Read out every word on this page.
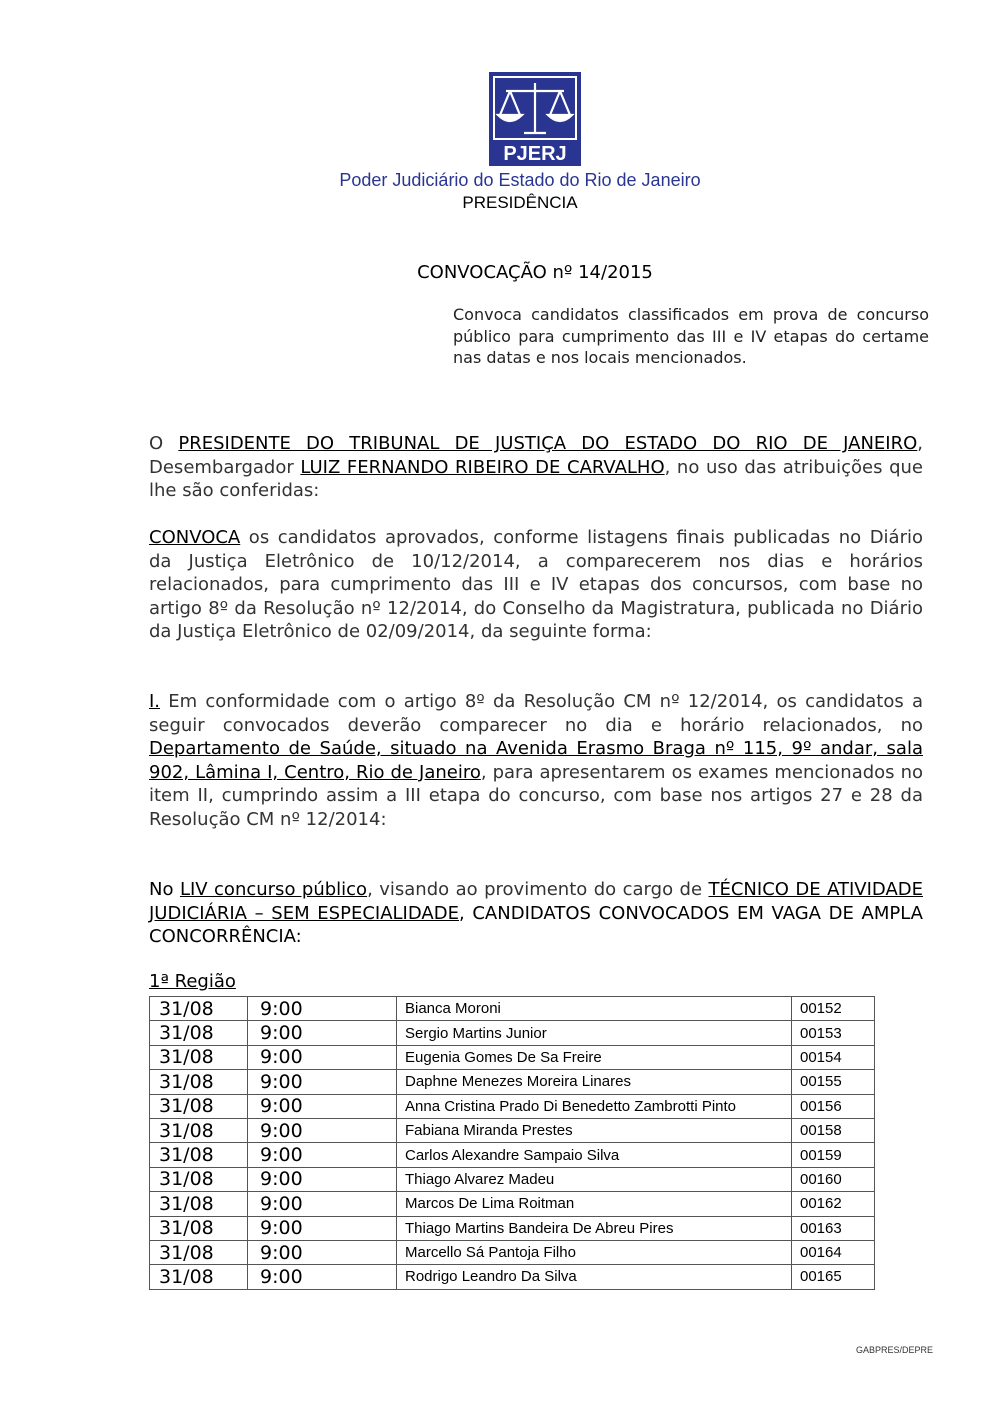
PJERJ
Poder Judiciário do Estado do Rio de Janeiro
PRESIDÊNCIA
CONVOCAÇÃO nº 14/2015
Convoca candidatos classificados em prova de concurso público para cumprimento das III e IV etapas do certame nas datas e nos locais mencionados.
O PRESIDENTE DO TRIBUNAL DE JUSTIÇA DO ESTADO DO RIO DE JANEIRO, Desembargador LUIZ FERNANDO RIBEIRO DE CARVALHO, no uso das atribuições que lhe são conferidas:
CONVOCA os candidatos aprovados, conforme listagens finais publicadas no Diário da Justiça Eletrônico de 10/12/2014, a comparecerem nos dias e horários relacionados, para cumprimento das III e IV etapas dos concursos, com base no artigo 8º da Resolução nº 12/2014, do Conselho da Magistratura, publicada no Diário da Justiça Eletrônico de 02/09/2014, da seguinte forma:
I. Em conformidade com o artigo 8º da Resolução CM nº 12/2014, os candidatos a seguir convocados deverão comparecer no dia e horário relacionados, no Departamento de Saúde, situado na Avenida Erasmo Braga nº 115, 9º andar, sala 902, Lâmina I, Centro, Rio de Janeiro, para apresentarem os exames mencionados no item II, cumprindo assim a III etapa do concurso, com base nos artigos 27 e 28 da Resolução CM nº 12/2014:
No LIV concurso público, visando ao provimento do cargo de TÉCNICO DE ATIVIDADE JUDICIÁRIA – SEM ESPECIALIDADE, CANDIDATOS CONVOCADOS EM VAGA DE AMPLA CONCORRÊNCIA:
1ª Região
31/08	9:00	Bianca Moroni	00152
31/08	9:00	Sergio Martins Junior	00153
31/08	9:00	Eugenia Gomes De Sa Freire	00154
31/08	9:00	Daphne Menezes Moreira Linares	00155
31/08	9:00	Anna Cristina Prado Di Benedetto Zambrotti Pinto	00156
31/08	9:00	Fabiana Miranda Prestes	00158
31/08	9:00	Carlos Alexandre Sampaio Silva	00159
31/08	9:00	Thiago Alvarez Madeu	00160
31/08	9:00	Marcos De Lima Roitman	00162
31/08	9:00	Thiago Martins Bandeira De Abreu Pires	00163
31/08	9:00	Marcello Sá Pantoja Filho	00164
31/08	9:00	Rodrigo Leandro Da Silva	00165
GABPRES/DEPRE
